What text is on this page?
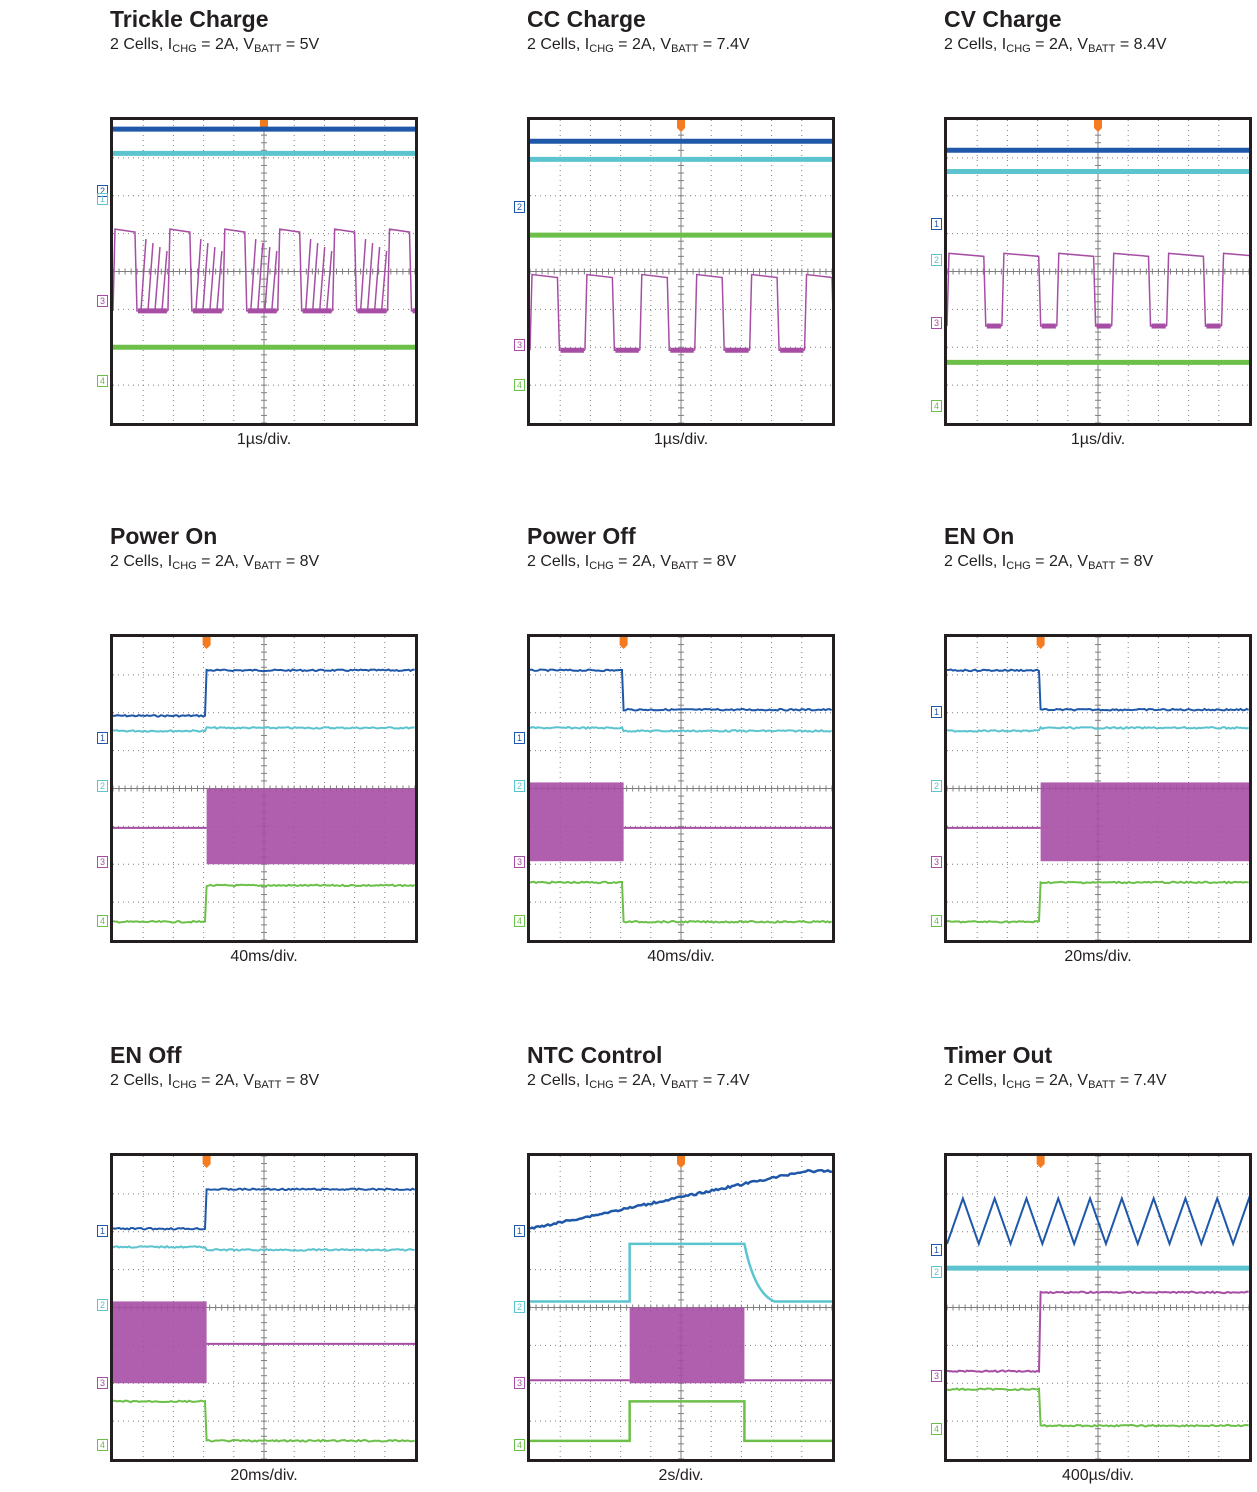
Trickle Charge
2 Cells, $I_{CHG} = 2A$, $V_{BATT} = 5V$
1µs/div.
2
1
3
4
CC Charge
2 Cells, $I_{CHG} = 2A$, $V_{BATT} = 7.4V$
1µs/div.
2
3
4
CV Charge
2 Cells, $I_{CHG} = 2A$, $V_{BATT} = 8.4V$
1µs/div.
1
2
3
4
Power On
2 Cells, $I_{CHG} = 2A$, $V_{BATT} = 8V$
40ms/div.
1
2
3
4
Power Off
2 Cells, $I_{CHG} = 2A$, $V_{BATT} = 8V$
40ms/div.
1
2
3
4
EN On
2 Cells, $I_{CHG} = 2A$, $V_{BATT} = 8V$
20ms/div.
1
2
3
4
EN Off
2 Cells, $I_{CHG} = 2A$, $V_{BATT} = 8V$
20ms/div.
1
2
3
4
NTC Control
2 Cells, $I_{CHG} = 2A$, $V_{BATT} = 7.4V$
2s/div.
1
2
3
4
Timer Out
2 Cells, $I_{CHG} = 2A$, $V_{BATT} = 7.4V$
400µs/div.
1
2
3
4
